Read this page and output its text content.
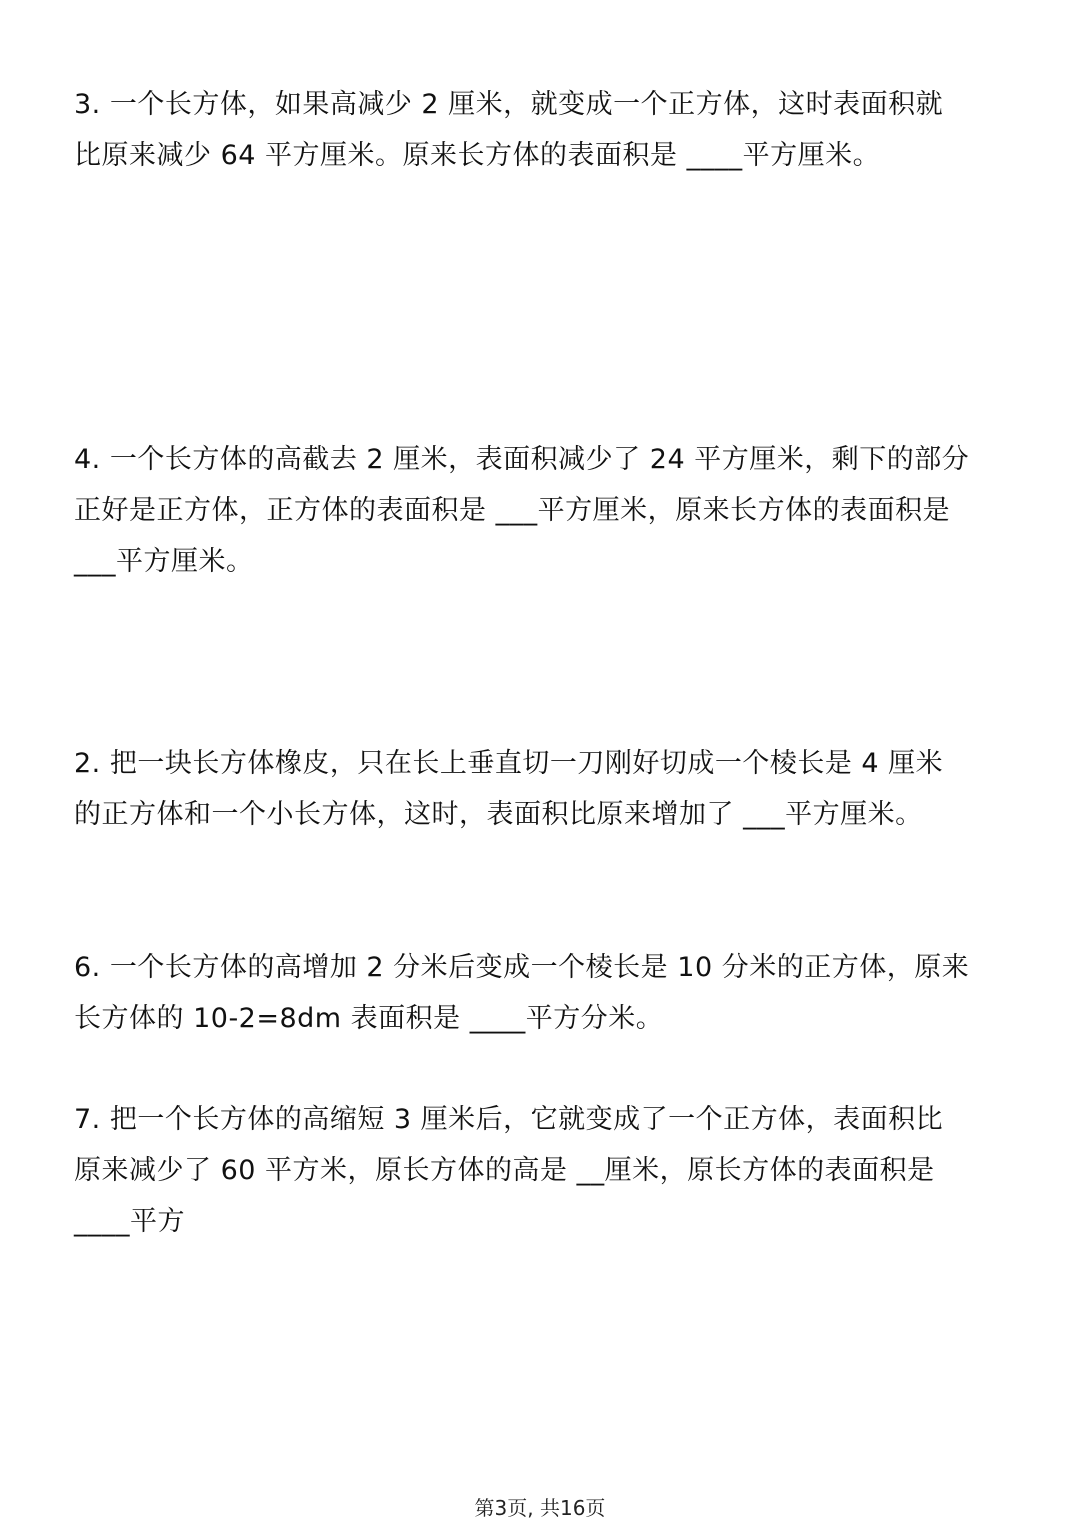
3. 一个长方体，如果高减少 2 厘米，就变成一个正方体，这时表面积就
比原来减少 64 平方厘米。原来长方体的表面积是 ____平方厘米。
4. 一个长方体的高截去 2 厘米，表面积减少了 24 平方厘米，剩下的部分
正好是正方体，正方体的表面积是 ___平方厘米，原来长方体的表面积是
___平方厘米。
2. 把一块长方体橡皮，只在长上垂直切一刀刚好切成一个棱长是 4 厘米
的正方体和一个小长方体，这时，表面积比原来增加了 ___平方厘米。
6. 一个长方体的高增加 2 分米后变成一个棱长是 10 分米的正方体，原来
长方体的 10-2=8dm 表面积是 ____平方分米。
7. 把一个长方体的高缩短 3 厘米后，它就变成了一个正方体，表面积比
原来减少了 60 平方米，原长方体的高是 __厘米，原长方体的表面积是
____平方
第3页, 共16页
